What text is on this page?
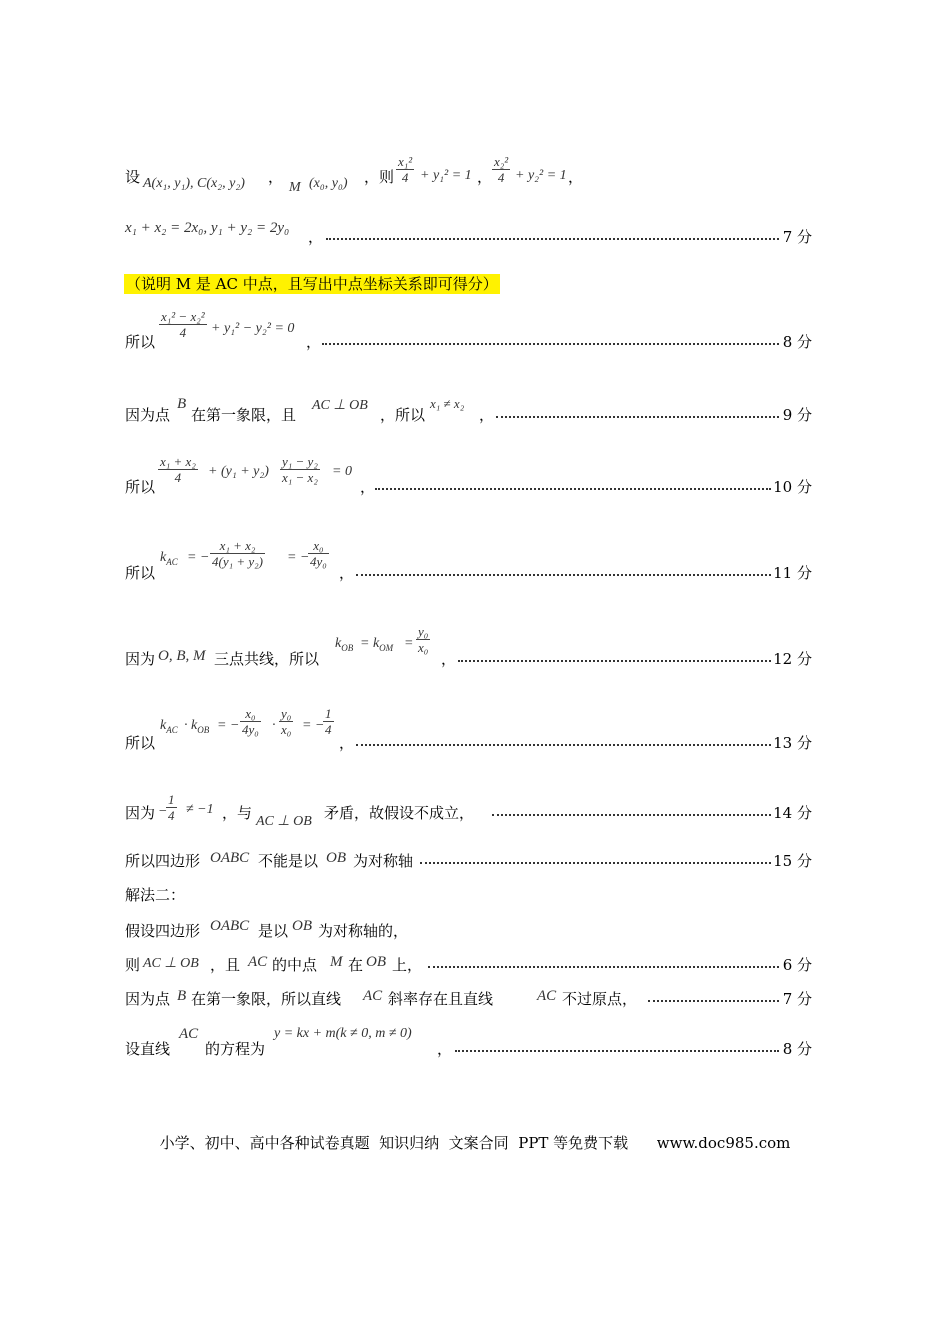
设 A(x₁, y₁), C(x₂, y₂) ，
M (x₀, y₀) ，则 $\frac{\text{x₁²}}{4} + y_1^2 = 1$ ， $\frac{\text{x₂²}}{4} + y_2^2 = 1$ ，
x₁ + x₂ = 2x₀, y₁ + y₂ = 2y₀ ，	7 分
（说明 M 是 AC 中点，且写出中点坐标关系即可得分）
所以
$\frac{\text{x₁² − x₂²}}{4} + y_1^2 - y_2^2 = 0$
，	8 分
因为点
B
在第一象限，且
AC ⊥ OB
，所以
x₁ ≠ x₂
，	9 分
所以
$\frac{\text{x₁ + x₂}}{4} + (y_1 + y_2) \frac{\text{y₁ − y₂}}{\text{x₁ − x₂}} = 0$
，	10 分
所以
$k_{AC}$ = − $\frac{\text{x₁ + x₂}}{\text{4(y₁ + y₂)}}$ = −
$\frac{\text{x₀}}{\text{4y₀}}$
，	11 分
因为 O, B, M 三点共线，所以
$k_{OB} = k_{OM} = \frac{\text{y₀}}{\text{x₀}}$
，	12 分
所以
$k_{AC} \cdot k_{OB}$ = − $\frac{\text{x₀}}{\text{4y₀}} \cdot \frac{\text{y₀}}{\text{x₀}}$ = −
$\frac{1}{4}$
，	13 分
因为 −
$\frac{1}{4} \ne -1$ ，与 AC ⊥ OB 矛盾，故假设不成立，	14 分
所以四边形 OABC 不能是以 OB 为对称轴	15 分
解法二：
假设四边形 OABC 是以 OB 为对称轴的，
则 AC ⊥ OB ，且 AC 的中点 M 在 OB 上，	6 分
因为点 B 在第一象限，所以直线 AC 斜率存在且直线	AC 不过原点，	7 分
设直线
AC
的方程为
y = kx + m(k ≠ 0, m ≠ 0)
，	8 分
小学、初中、高中各种试卷真题  知识归纳  文案合同  PPT 等免费下载      www.doc985.com
